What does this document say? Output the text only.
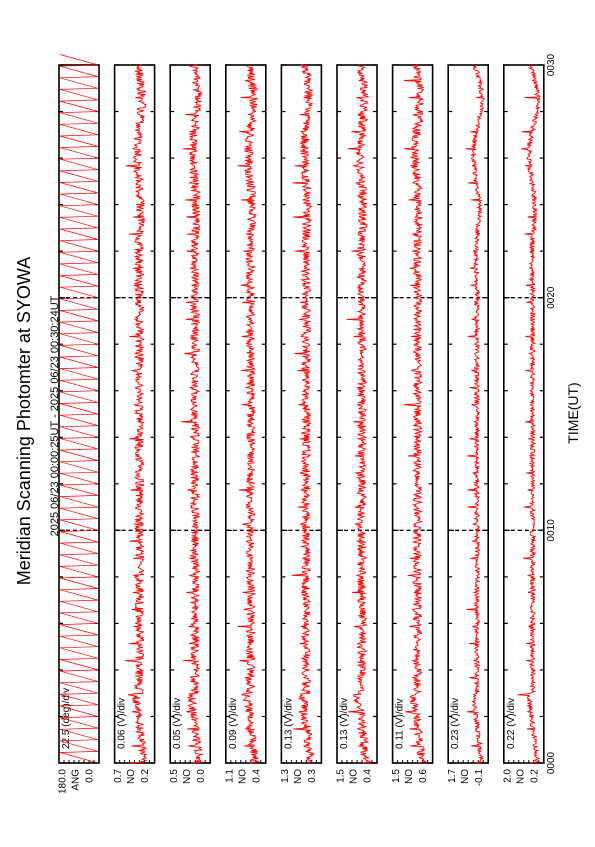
Meridian Scanning Photomter at SYOWA 2025 06/23 00:00:25UT - 2025 06/23 00:30:24UT	TIME(UT)
180.0 ANG 0.0
22.5 (deg)/div
0.7 NO 0.2
0.06 (V)/div
0.5 NO 0.0
0.05 (V)/div
1.1 NO 0.4
0.09 (V)/div
1.3 NO 0.3
0.13 (V)/div
1.5 NO 0.4
0.13 (V)/div
1.5 NO 0.6
0.11 (V)/div
1.7 NO -0.1
0.23 (V)/div
2.0 NO 0.2
0.22 (V)/div
0000
0010
0020
0030
